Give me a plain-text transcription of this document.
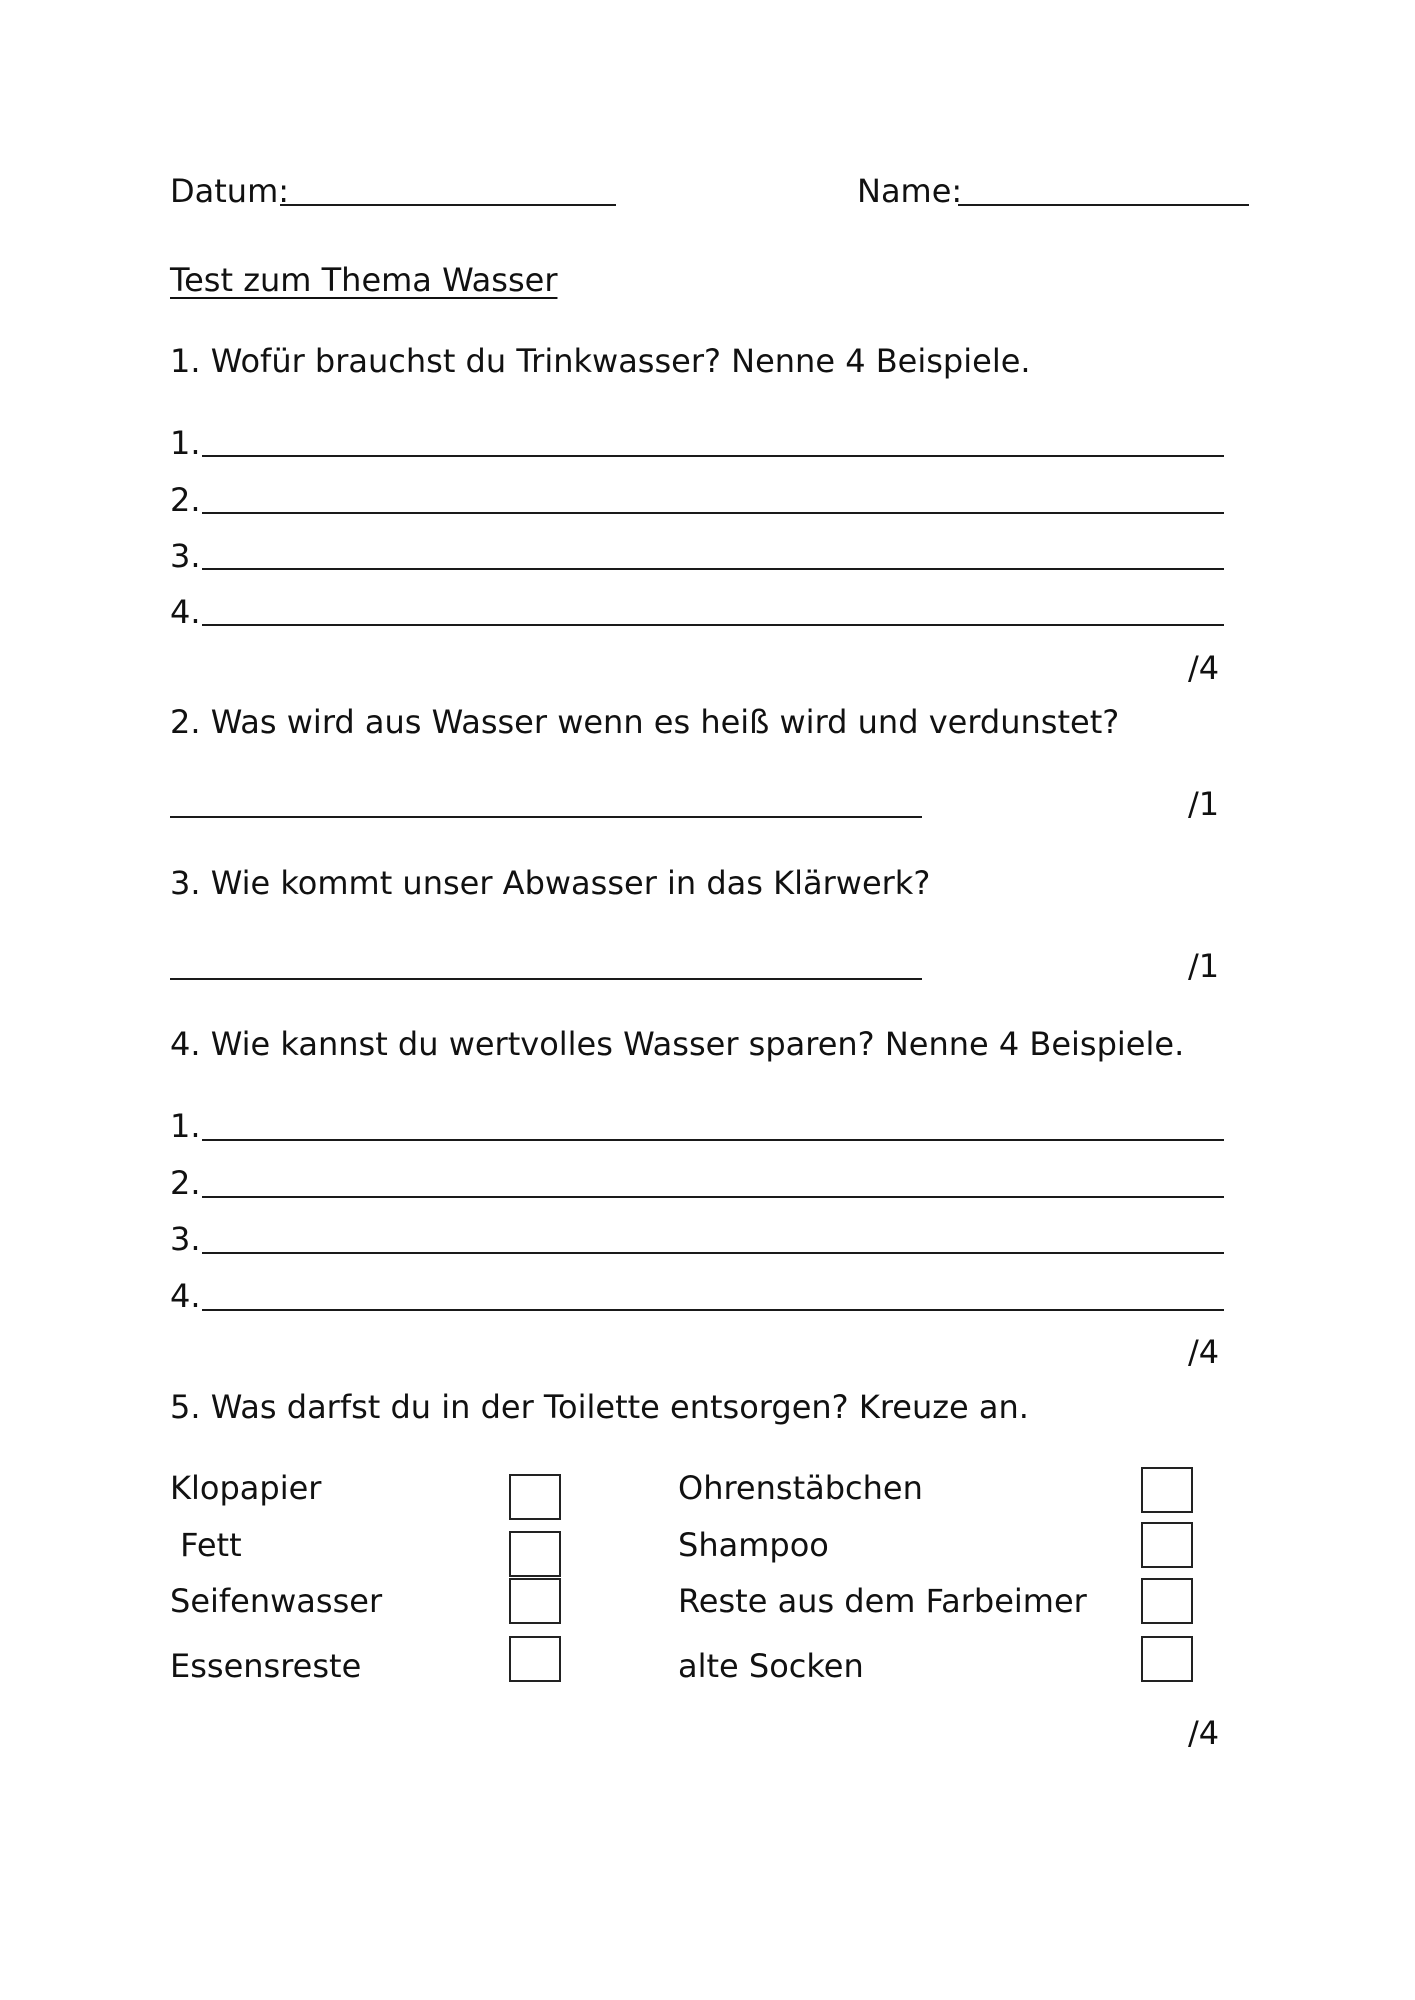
Datum:	Name:
Test zum Thema Wasser
1. Wofür brauchst du Trinkwasser? Nenne 4 Beispiele.
1.
2.
3.
4.
/4
2. Was wird aus Wasser wenn es heiß wird und verdunstet?
/1
3. Wie kommt unser Abwasser in das Klärwerk?
/1
4. Wie kannst du wertvolles Wasser sparen? Nenne 4 Beispiele.
1.
2.
3.
4.
/4
5. Was darfst du in der Toilette entsorgen? Kreuze an.
Klopapier
Fett
Seifenwasser
Essensreste
Ohrenstäbchen
Shampoo
Reste aus dem Farbeimer
alte Socken
/4
